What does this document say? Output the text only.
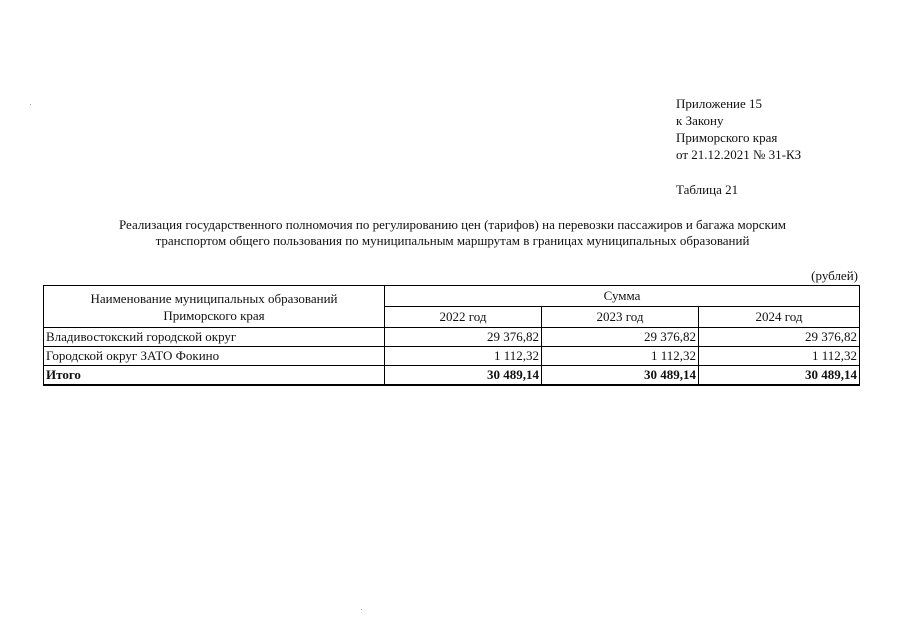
Приложение 15
к Закону
Приморского края
от 21.12.2021 № 31-КЗ
Таблица 21
Реализация государственного полномочия по регулированию цен (тарифов) на перевозки пассажиров и багажа морским
транспортом общего пользования по муниципальным маршрутам в границах муниципальных образований
(рублей)
Наименование муниципальных образований
Приморского края	Сумма		
	2022 год	2023 год	2024 год
Владивостокский городской округ	29 376,82	29 376,82	29 376,82
Городской округ ЗАТО Фокино	1 112,32	1 112,32	1 112,32
Итого	30 489,14	30 489,14	30 489,14
